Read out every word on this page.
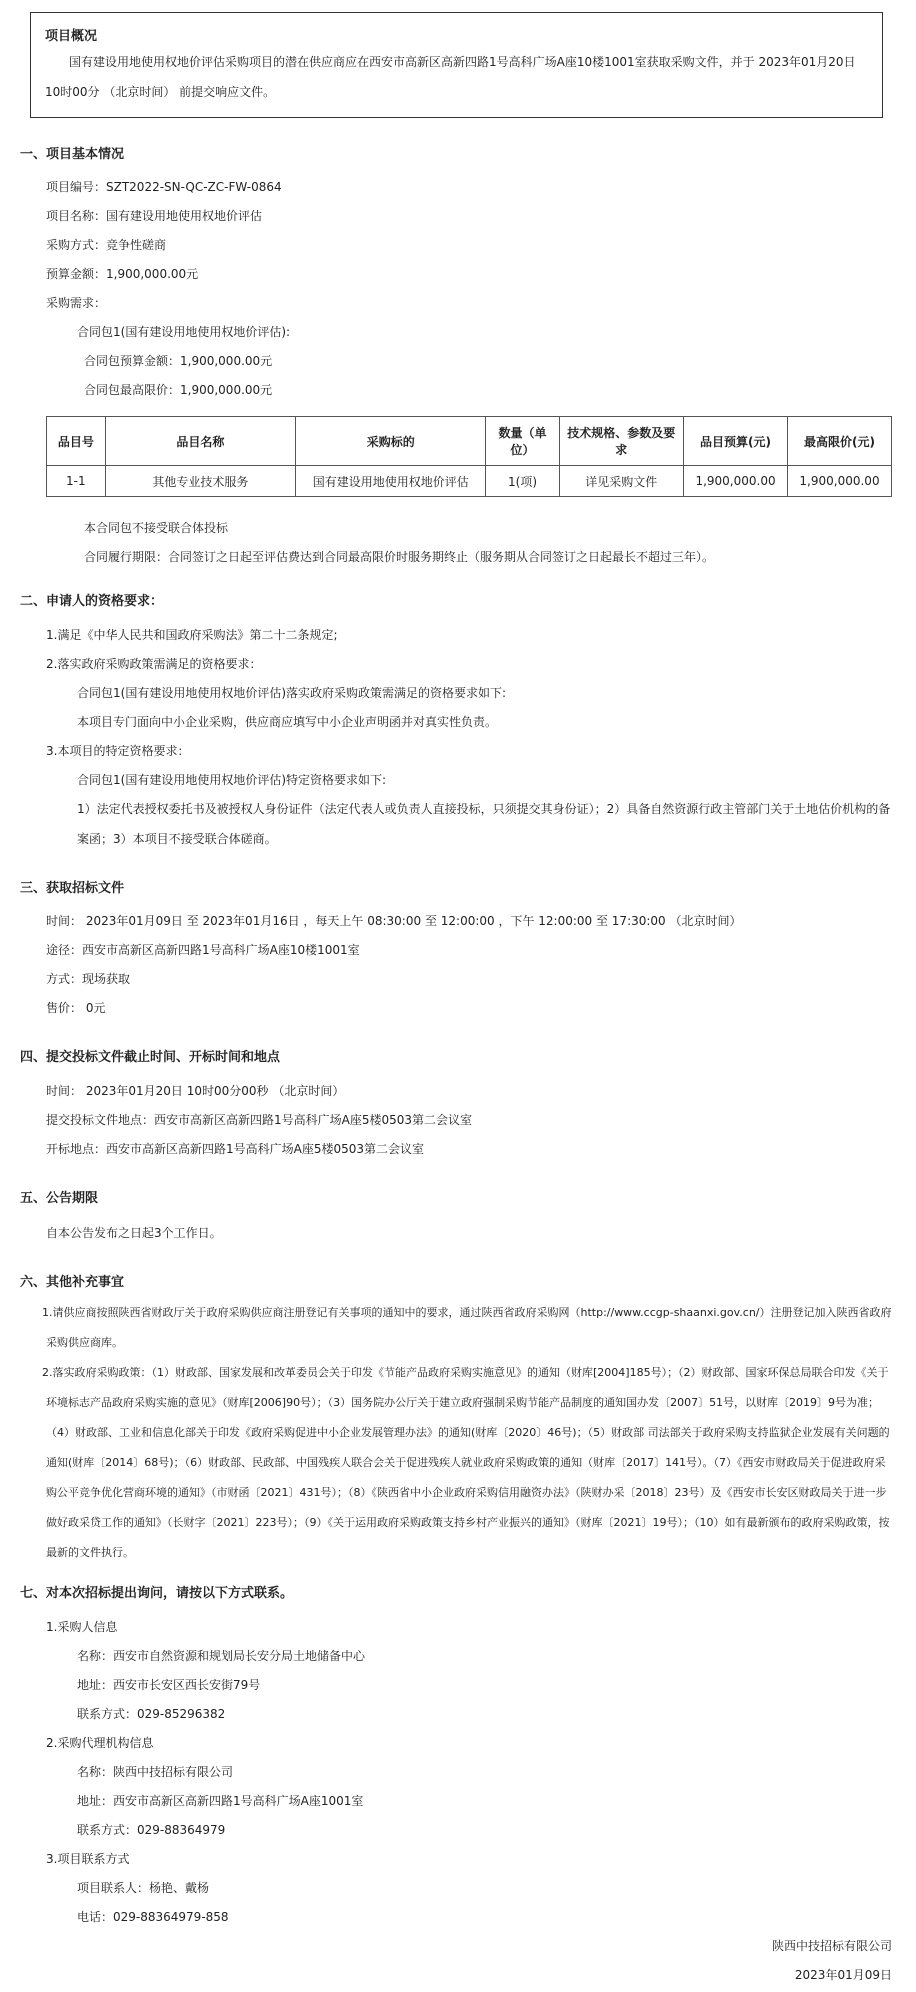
项目概况
国有建设用地使用权地价评估采购项目的潜在供应商应在西安市高新区高新四路1号高科广场A座10楼1001室获取采购文件，并于 2023年01月20日 10时00分 （北京时间） 前提交响应文件。
一、项目基本情况
项目编号：SZT2022-SN-QC-ZC-FW-0864
项目名称：国有建设用地使用权地价评估
采购方式：竞争性磋商
预算金额：1,900,000.00元
采购需求：
合同包1(国有建设用地使用权地价评估):
合同包预算金额：1,900,000.00元
合同包最高限价：1,900,000.00元
品目号	品目名称	采购标的	数量（单位）	技术规格、参数及要求	品目预算(元)	最高限价(元)
1-1	其他专业技术服务	国有建设用地使用权地价评估	1(项)	详见采购文件	1,900,000.00	1,900,000.00
本合同包不接受联合体投标
合同履行期限：合同签订之日起至评估费达到合同最高限价时服务期终止（服务期从合同签订之日起最长不超过三年）。
二、申请人的资格要求：
1.满足《中华人民共和国政府采购法》第二十二条规定;
2.落实政府采购政策需满足的资格要求：
合同包1(国有建设用地使用权地价评估)落实政府采购政策需满足的资格要求如下:
本项目专门面向中小企业采购，供应商应填写中小企业声明函并对真实性负责。
3.本项目的特定资格要求：
合同包1(国有建设用地使用权地价评估)特定资格要求如下:
1）法定代表授权委托书及被授权人身份证件（法定代表人或负责人直接投标，只须提交其身份证）；2）具备自然资源行政主管部门关于土地估价机构的备案函；3）本项目不接受联合体磋商。
三、获取招标文件
时间： 2023年01月09日 至 2023年01月16日 ，每天上午 08:30:00 至 12:00:00 ，下午 12:00:00 至 17:30:00 （北京时间）
途径：西安市高新区高新四路1号高科广场A座10楼1001室
方式：现场获取
售价： 0元
四、提交投标文件截止时间、开标时间和地点
时间： 2023年01月20日 10时00分00秒 （北京时间）
提交投标文件地点：西安市高新区高新四路1号高科广场A座5楼0503第二会议室
开标地点：西安市高新区高新四路1号高科广场A座5楼0503第二会议室
五、公告期限
自本公告发布之日起3个工作日。
六、其他补充事宜
1.请供应商按照陕西省财政厅关于政府采购供应商注册登记有关事项的通知中的要求，通过陕西省政府采购网（http://www.ccgp-shaanxi.gov.cn/）注册登记加入陕西省政府采购供应商库。
2.落实政府采购政策：（1）财政部、国家发展和改革委员会关于印发《节能产品政府采购实施意见》的通知（财库[2004]185号）；（2）财政部、国家环保总局联合印发《关于环境标志产品政府采购实施的意见》（财库[2006]90号）；（3）国务院办公厅关于建立政府强制采购节能产品制度的通知国办发〔2007〕51号，以财库〔2019〕9号为准；（4）财政部、工业和信息化部关于印发《政府采购促进中小企业发展管理办法》的通知(财库〔2020〕46号)；（5）财政部 司法部关于政府采购支持监狱企业发展有关问题的通知(财库〔2014〕68号)；（6）财政部、民政部、中国残疾人联合会关于促进残疾人就业政府采购政策的通知（财库〔2017〕141号）。（7）《西安市财政局关于促进政府采购公平竞争优化营商环境的通知》（市财函〔2021〕431号）；（8）《陕西省中小企业政府采购信用融资办法》（陕财办采〔2018〕23号）及《西安市长安区财政局关于进一步做好政采贷工作的通知》（长财字〔2021〕223号）；（9）《关于运用政府采购政策支持乡村产业振兴的通知》（财库〔2021〕19号）；（10）如有最新颁布的政府采购政策，按最新的文件执行。
七、对本次招标提出询问，请按以下方式联系。
1.采购人信息
名称：西安市自然资源和规划局长安分局土地储备中心
地址：西安市长安区西长安街79号
联系方式：029-85296382
2.采购代理机构信息
名称：陕西中技招标有限公司
地址：西安市高新区高新四路1号高科广场A座1001室
联系方式：029-88364979
3.项目联系方式
项目联系人：杨艳、戴杨
电话：029-88364979-858
陕西中技招标有限公司
2023年01月09日
